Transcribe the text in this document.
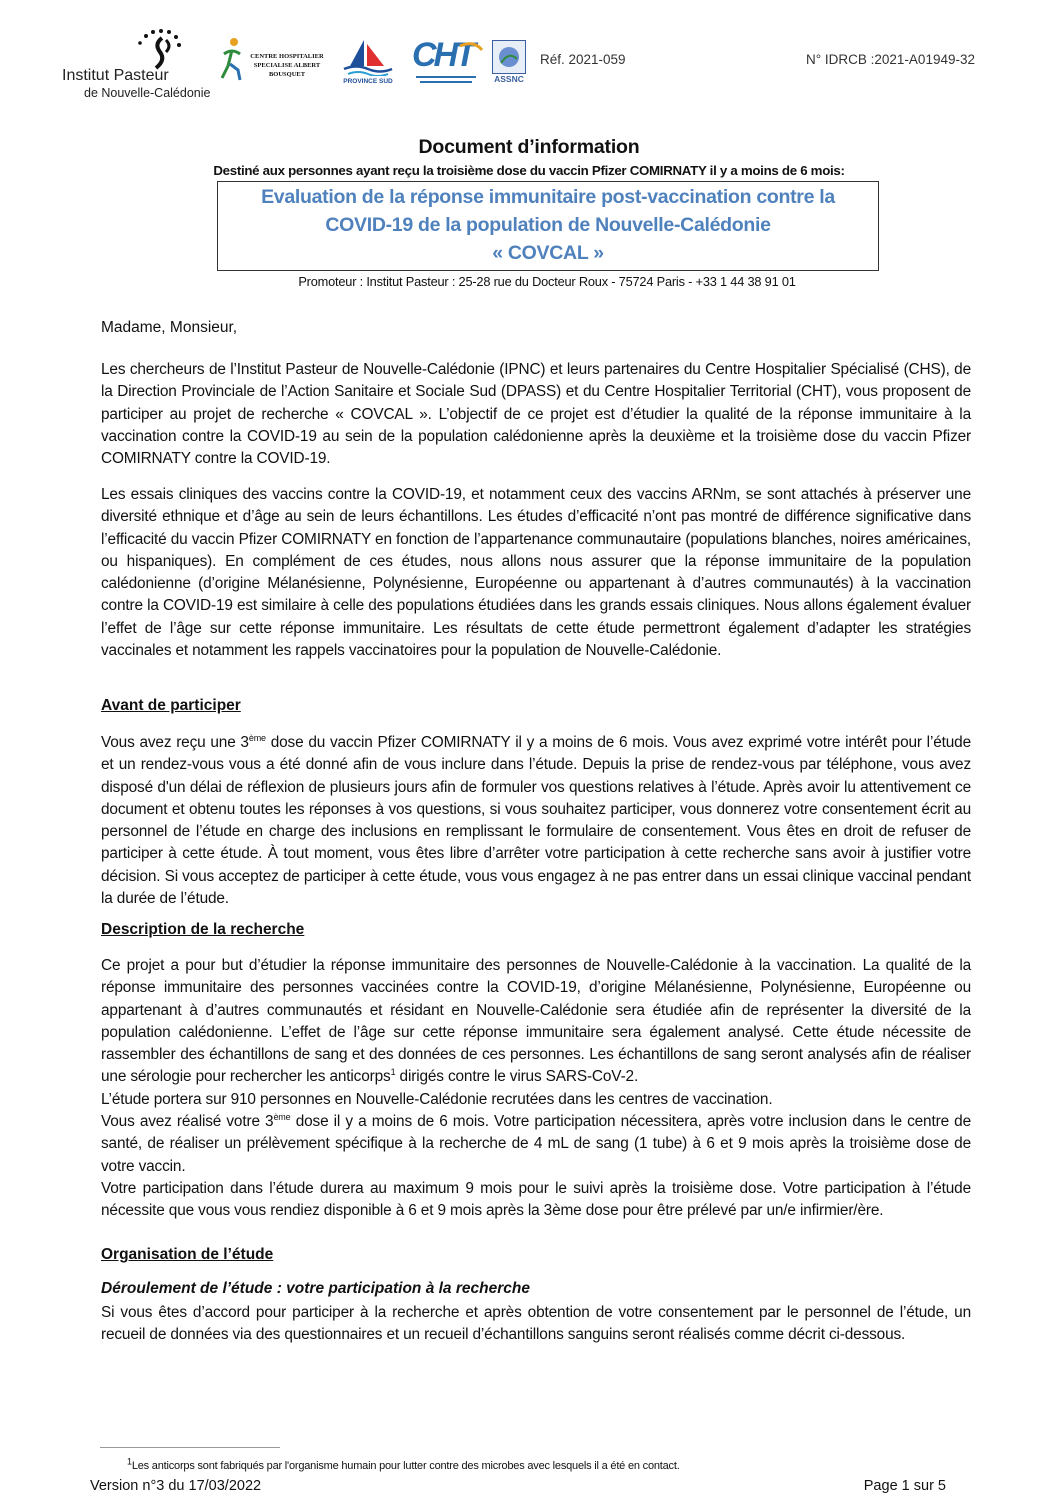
Institut Pasteur
de Nouvelle-Calédonie
CENTRE HOSPITALIER SPECIALISE ALBERT BOUSQUET
PROVINCE SUD
CHT
ASSNC
Réf. 2021-059	N° IDRCB :2021-A01949-32
Document d’information
Destiné aux personnes ayant reçu la troisième dose du vaccin Pfizer COMIRNATY il y a moins de 6 mois:
Evaluation de la réponse immunitaire post-vaccination contre la
COVID-19 de la population de Nouvelle-Calédonie
« COVCAL »
Promoteur : Institut Pasteur : 25-28 rue du Docteur Roux - 75724 Paris - +33 1 44 38 91 01
Madame, Monsieur,
Les chercheurs de l’Institut Pasteur de Nouvelle-Calédonie (IPNC) et leurs partenaires du Centre Hospitalier Spécialisé (CHS), de la Direction Provinciale de l’Action Sanitaire et Sociale Sud (DPASS) et du Centre Hospitalier Territorial (CHT), vous proposent de participer au projet de recherche « COVCAL ». L’objectif de ce projet est d’étudier la qualité de la réponse immunitaire à la vaccination contre la COVID-19 au sein de la population calédonienne après la deuxième et la troisième dose du vaccin Pfizer COMIRNATY contre la COVID-19.
Les essais cliniques des vaccins contre la COVID-19, et notamment ceux des vaccins ARNm, se sont attachés à préserver une diversité ethnique et d’âge au sein de leurs échantillons. Les études d’efficacité n’ont pas montré de différence significative dans l’efficacité du vaccin Pfizer COMIRNATY en fonction de l’appartenance communautaire (populations blanches, noires américaines, ou hispaniques). En complément de ces études, nous allons nous assurer que la réponse immunitaire de la population calédonienne (d’origine Mélanésienne, Polynésienne, Européenne ou appartenant à d’autres communautés) à la vaccination contre la COVID-19 est similaire à celle des populations étudiées dans les grands essais cliniques. Nous allons également évaluer l’effet de l’âge sur cette réponse immunitaire. Les résultats de cette étude permettront également d’adapter les stratégies vaccinales et notamment les rappels vaccinatoires pour la population de Nouvelle-Calédonie.
Avant de participer
Vous avez reçu une 3ème dose du vaccin Pfizer COMIRNATY il y a moins de 6 mois. Vous avez exprimé votre intérêt pour l’étude et un rendez-vous vous a été donné afin de vous inclure dans l’étude. Depuis la prise de rendez-vous par téléphone, vous avez disposé d'un délai de réflexion de plusieurs jours afin de formuler vos questions relatives à l’étude. Après avoir lu attentivement ce document et obtenu toutes les réponses à vos questions, si vous souhaitez participer, vous donnerez votre consentement écrit au personnel de l’étude en charge des inclusions en remplissant le formulaire de consentement. Vous êtes en droit de refuser de participer à cette étude. À tout moment, vous êtes libre d’arrêter votre participation à cette recherche sans avoir à justifier votre décision. Si vous acceptez de participer à cette étude, vous vous engagez à ne pas entrer dans un essai clinique vaccinal pendant la durée de l’étude.
Description de la recherche
Ce projet a pour but d’étudier la réponse immunitaire des personnes de Nouvelle-Calédonie à la vaccination. La qualité de la réponse immunitaire des personnes vaccinées contre la COVID-19, d’origine Mélanésienne, Polynésienne, Européenne ou appartenant à d’autres communautés et résidant en Nouvelle-Calédonie sera étudiée afin de représenter la diversité de la population calédonienne. L’effet de l’âge sur cette réponse immunitaire sera également analysé. Cette étude nécessite de rassembler des échantillons de sang et des données de ces personnes. Les échantillons de sang seront analysés afin de réaliser une sérologie pour rechercher les anticorps$^1$ dirigés contre le virus SARS-CoV-2.
L’étude portera sur 910 personnes en Nouvelle-Calédonie recrutées dans les centres de vaccination.
Vous avez réalisé votre 3ème dose il y a moins de 6 mois. Votre participation nécessitera, après votre inclusion dans le centre de santé, de réaliser un prélèvement spécifique à la recherche de 4 mL de sang (1 tube) à 6 et 9 mois après la troisième dose de votre vaccin.
Votre participation dans l’étude durera au maximum 9 mois pour le suivi après la troisième dose. Votre participation à l’étude nécessite que vous vous rendiez disponible à 6 et 9 mois après la 3ème dose pour être prélevé par un/e infirmier/ère.
Organisation de l’étude
Déroulement de l’étude : votre participation à la recherche
Si vous êtes d’accord pour participer à la recherche et après obtention de votre consentement par le personnel de l’étude, un recueil de données via des questionnaires et un recueil d’échantillons sanguins seront réalisés comme décrit ci-dessous.
$^1$Les anticorps sont fabriqués par l'organisme humain pour lutter contre des microbes avec lesquels il a été en contact.
Version n°3 du 17/03/2022	Page 1 sur 5
